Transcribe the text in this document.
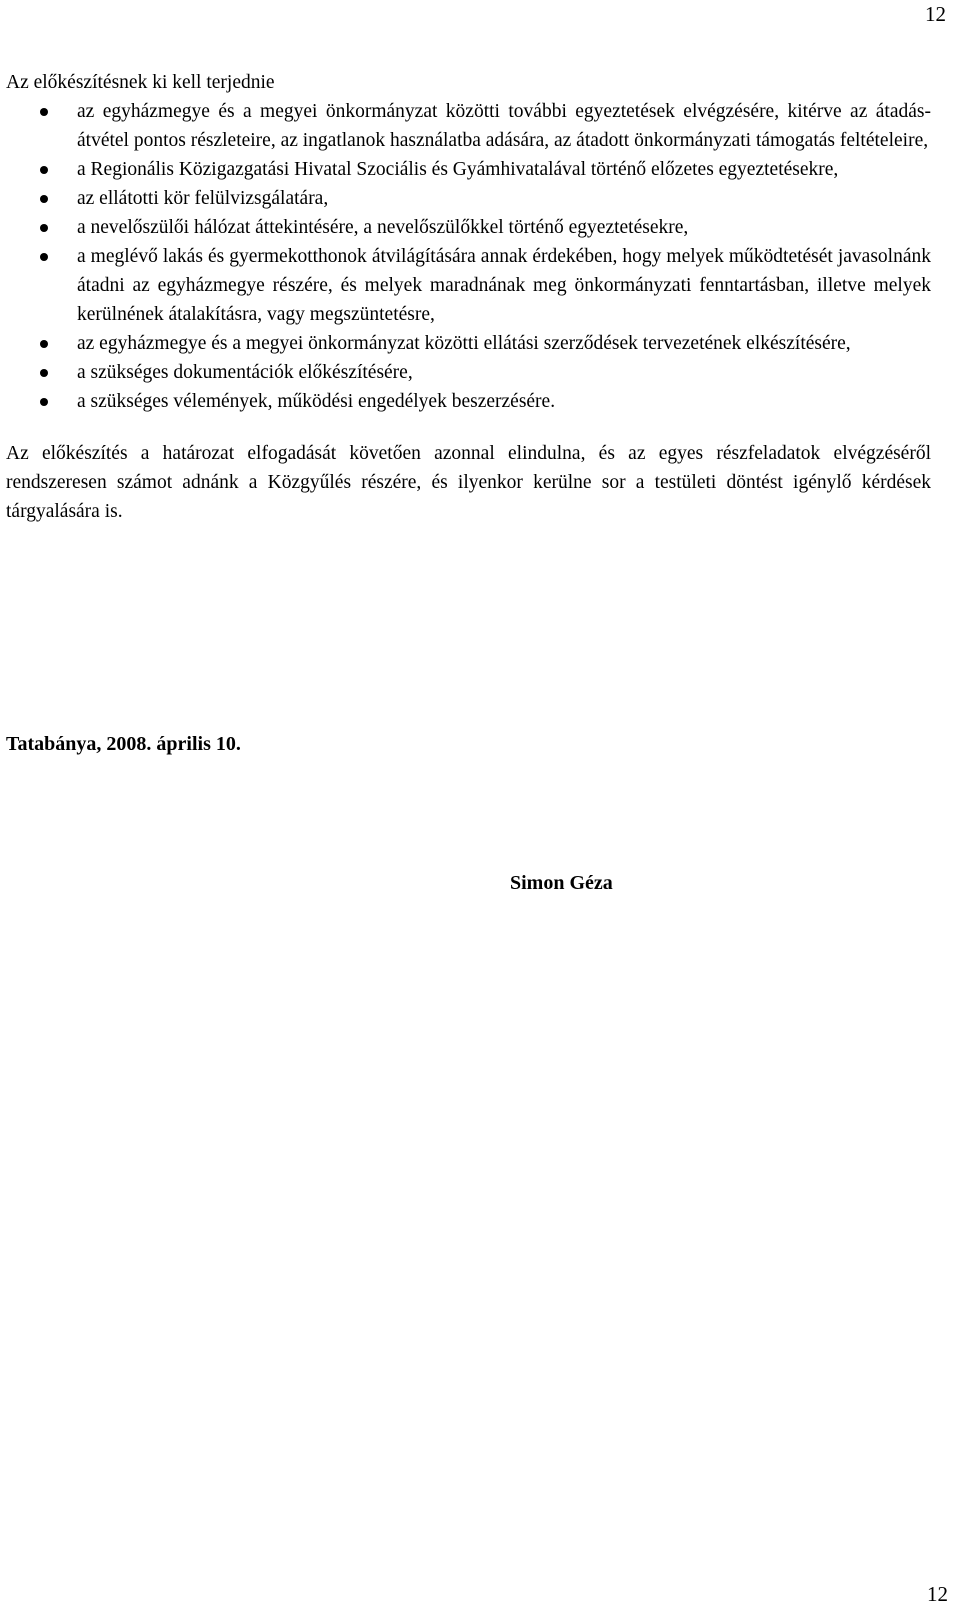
12

Az előkészítésnek ki kell terjednie

az egyházmegye és a megyei önkormányzat közötti további egyeztetések elvégzésére, kitérve az átadás-átvétel pontos részleteire, az ingatlanok használatba adására, az átadott önkormányzati támogatás feltételeire,
a Regionális Közigazgatási Hivatal Szociális és Gyámhivatalával történő előzetes egyeztetésekre,
az ellátotti kör felülvizsgálatára,
a nevelőszülői hálózat áttekintésére, a nevelőszülőkkel történő egyeztetésekre,
a meglévő lakás és gyermekotthonok átvilágítására annak érdekében, hogy melyek működtetését javasolnánk átadni az egyházmegye részére, és melyek maradnának meg önkormányzati fenntartásban, illetve melyek kerülnének átalakításra, vagy megszüntetésre,
az egyházmegye és a megyei önkormányzat közötti ellátási szerződések tervezetének elkészítésére,
a szükséges dokumentációk előkészítésére,
a szükséges vélemények, működési engedélyek beszerzésére.

Az előkészítés a határozat elfogadását követően azonnal elindulna, és az egyes részfeladatok elvégzéséről rendszeresen számot adnánk a Közgyűlés részére, és ilyenkor kerülne sor a testületi döntést igénylő kérdések tárgyalására is.

Tatabánya, 2008. április 10.
Simon Géza
12
